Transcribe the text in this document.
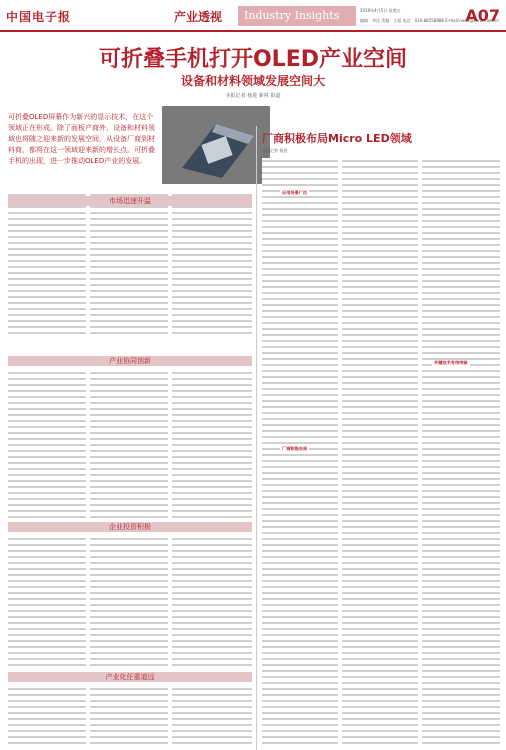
中国电子报	产业透视	Industry Insights	2019年4月5日 星期五
编辑：李佳 美编：王超 电话：010-88558888 E-mail:news@cena.com.cn
A07
可折叠手机打开OLED产业空间
设备和材料领域发展空间大
本报记者 杨进 新林 报道
可折叠OLED屏幕作为新兴的显示技术，在这个领域正在形成。除了面板产商外，设备和材料领域也将随之迎来新的发展空间，从设备厂商到材料商，都将在这一领域迎来新的增长点。可折叠手机的出现，进一步推动OLED产业的发展。
市场迅速升温
产业协同创新
企业投资积极
产业化任重道远
厂商积极布局Micro LED领域
本报记者 杨进
应用场景广泛
厂商积极布局
关键技术有待突破
